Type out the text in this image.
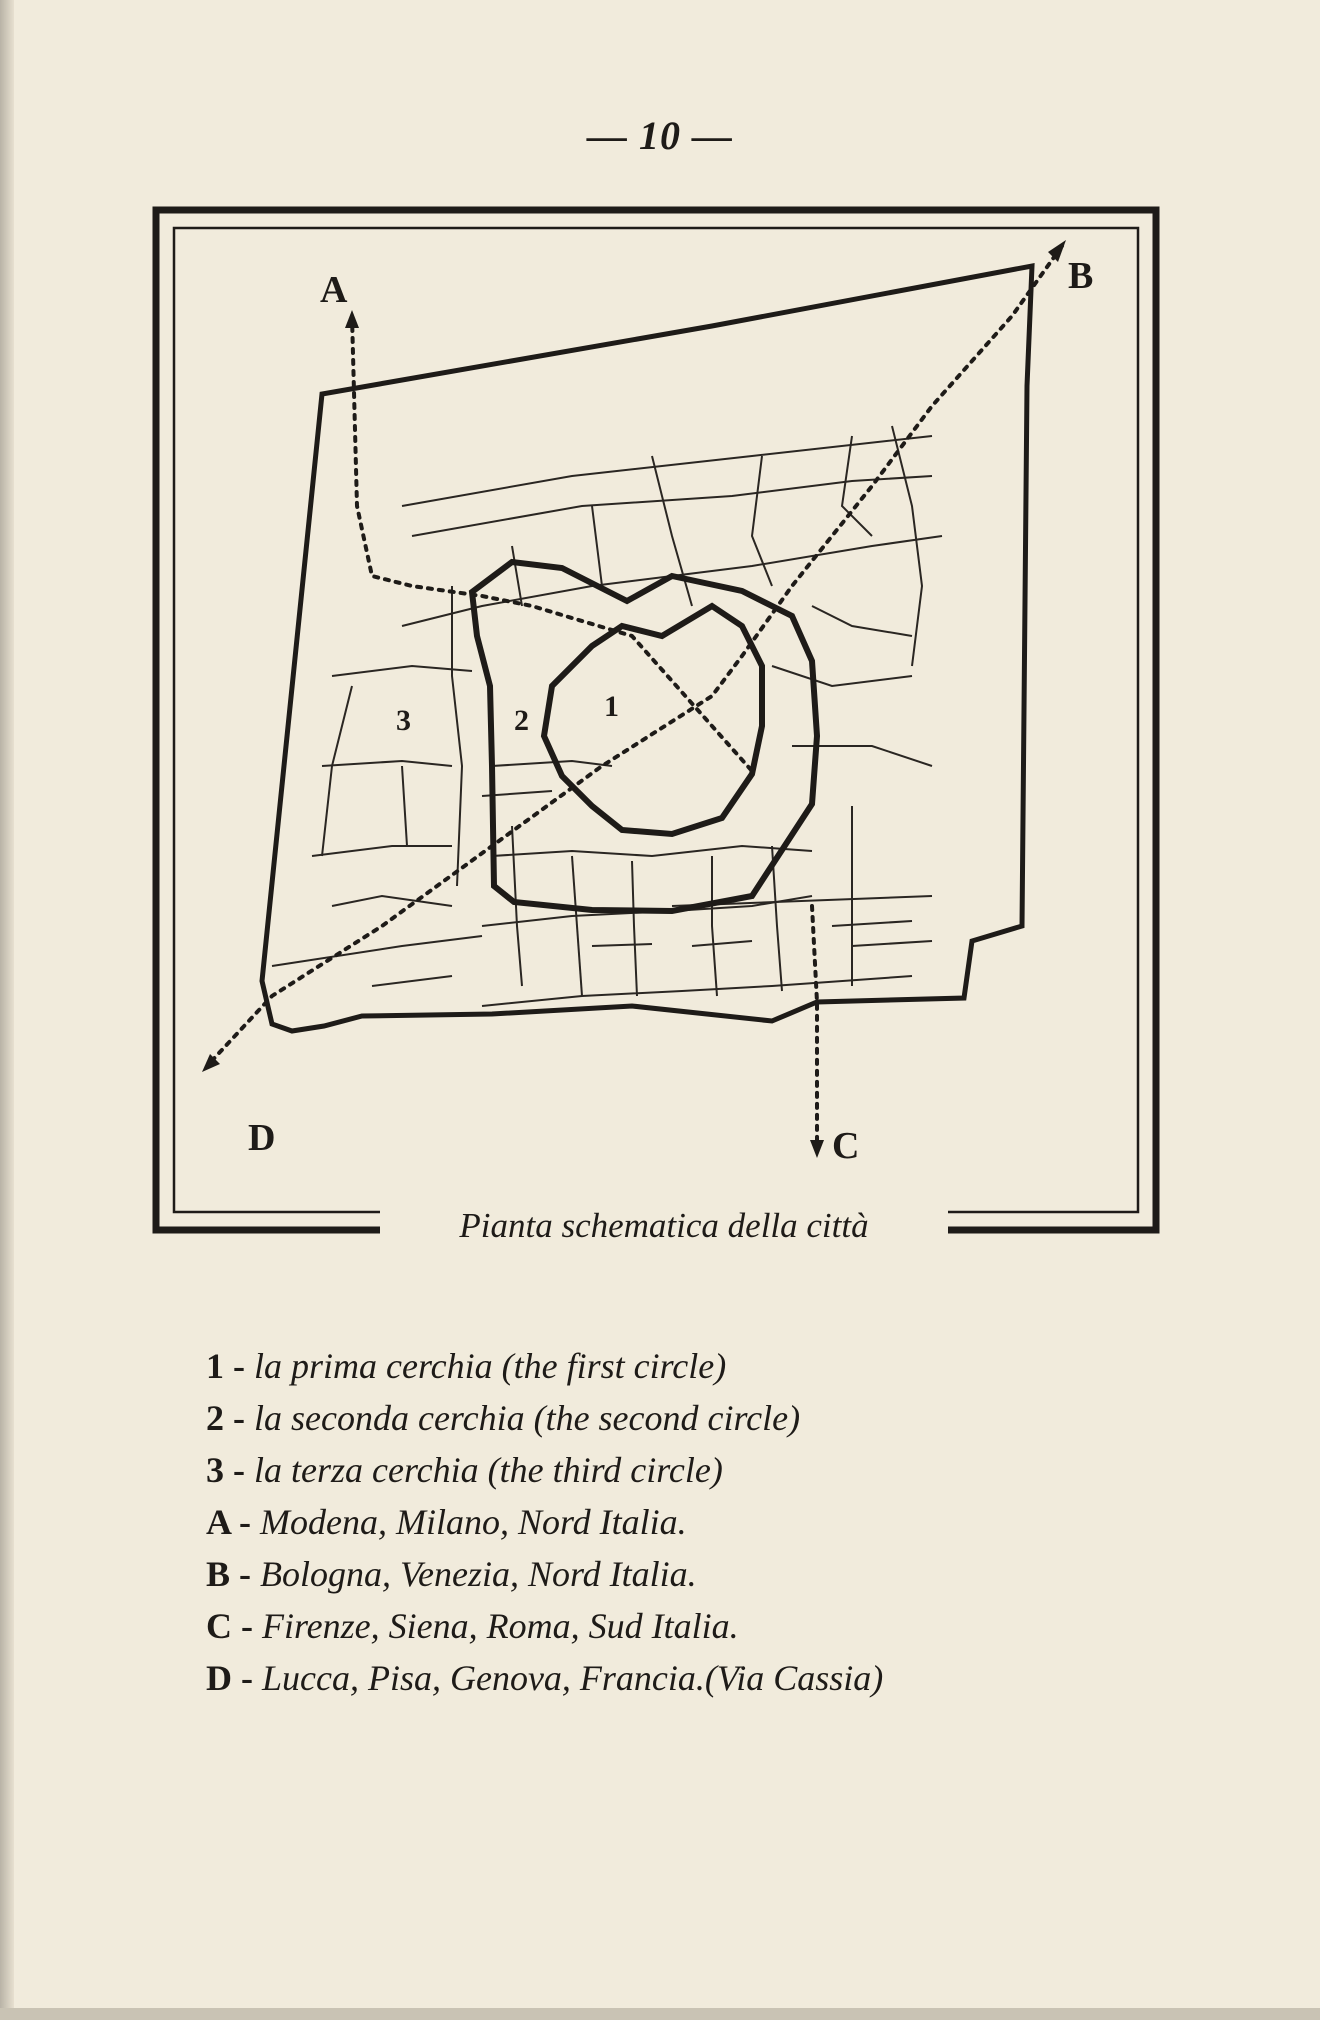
— 10 —
A	B
C
D
1
2
3
Pianta schematica della città
1 - la prima cerchia (the first circle)
2 - la seconda cerchia (the second circle)
3 - la terza cerchia (the third circle)
A - Modena, Milano, Nord Italia.
B - Bologna, Venezia, Nord Italia.
C - Firenze, Siena, Roma, Sud Italia.
D - Lucca, Pisa, Genova, Francia.(Via Cassia)
